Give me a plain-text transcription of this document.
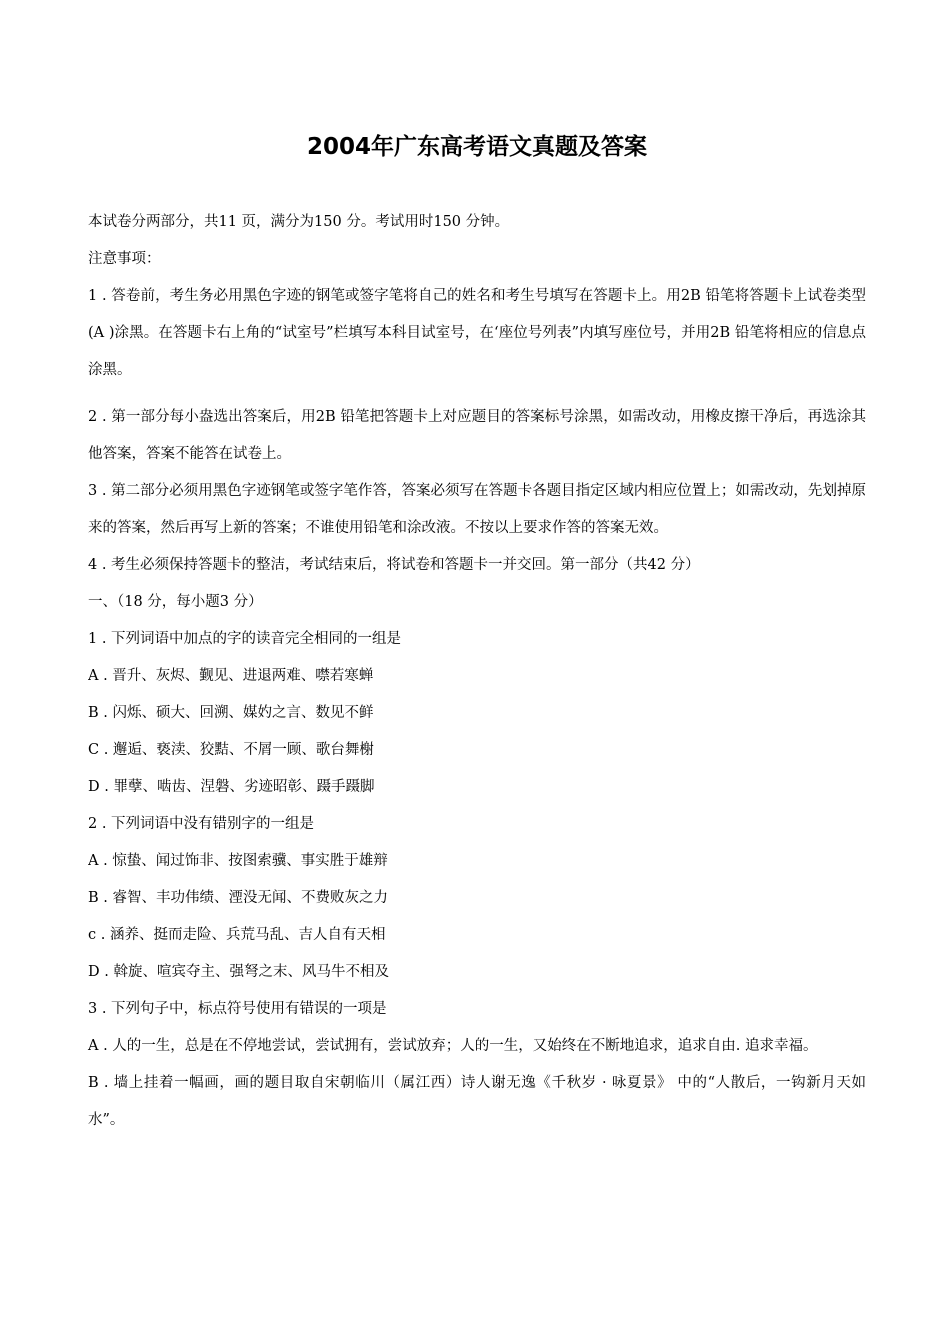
2004年广东高考语文真题及答案

本试卷分两部分，共11 页，满分为150 分。考试用时150 分钟。

注意事项：

1 . 答卷前，考生务必用黑色字迹的钢笔或签字笔将自己的姓名和考生号填写在答题卡上。用2B 铅笔将答题卡上试卷类型(A )涂黑。在答题卡右上角的“试室号”栏填写本科目试室号，在‘座位号列表”内填写座位号，并用2B 铅笔将相应的信息点涂黑。

2 . 第一部分每小盎选出答案后，用2B 铅笔把答题卡上对应题目的答案标号涂黑，如需改动，用橡皮擦干净后，再选涂其他答案，答案不能答在试卷上。

3 . 第二部分必须用黑色字迹钢笔或签字笔作答，答案必须写在答题卡各题目指定区域内相应位置上；如需改动，先划掉原来的答案，然后再写上新的答案；不谁使用铅笔和涂改液。不按以上要求作答的答案无效。

4 . 考生必须保持答题卡的整洁，考试结束后，将试卷和答题卡一并交回。第一部分（共42 分）

一、（18 分，每小题3 分）

1 . 下列词语中加点的字的读音完全相同的一组是

A . 晋升、灰烬、觐见、进退两难、噤若寒蝉

B . 闪烁、硕大、回溯、媒妁之言、数见不鲜

C . 邂逅、亵渎、狡黠、不屑一顾、歌台舞榭

D . 罪孽、啮齿、涅磐、劣迹昭彰、蹑手蹑脚

2 . 下列词语中没有错别字的一组是

A . 惊蛰、闻过饰非、按图索骥、事实胜于雄辩

B . 睿智、丰功伟绩、湮没无闻、不费败灰之力

c . 涵养、挺而走险、兵荒马乱、吉人自有天相

D . 斡旋、喧宾夺主、强弩之末、风马牛不相及

3 . 下列句子中，标点符号使用有错误的一项是

A . 人的一生，总是在不停地尝试，尝试拥有，尝试放弃；人的一生，又始终在不断地追求，追求自由. 追求幸福。

B . 墙上挂着一幅画，画的题目取自宋朝临川（属江西）诗人谢无逸《千秋岁 · 咏夏景》 中的“人散后，一钩新月天如水”。
